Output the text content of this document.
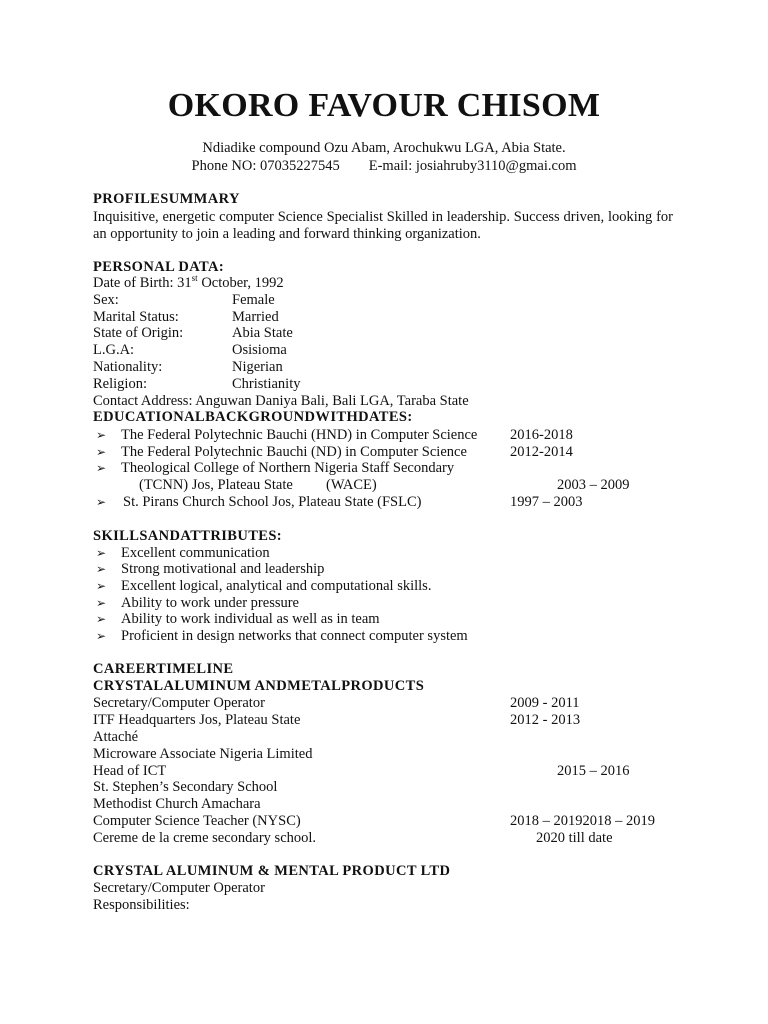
OKORO FAVOUR CHISOM
Ndiadike compound Ozu Abam, Arochukwu LGA, Abia State.
Phone NO: 07035227545 E-mail: josiahruby3110@gmai.com
PROFILESUMMARY
Inquisitive, energetic computer Science Specialist Skilled in leadership. Success driven, looking for an opportunity to join a leading and forward thinking organization.
PERSONAL DATA:
Date of Birth: 31st October, 1992
Sex:	Female
Marital Status:	Married
State of Origin:	Abia State
L.G.A:	Osisioma
Nationality:	Nigerian
Religion:	Christianity
Contact Address: Anguwan Daniya Bali, Bali LGA, Taraba State
EDUCATIONALBACKGROUNDWITHDATES:
➢ The Federal Polytechnic Bauchi (HND) in Computer Science 2016-2018
➢ The Federal Polytechnic Bauchi (ND) in Computer Science	2012-2014
➢ Theological College of Northern Nigeria Staff Secondary
(TCNN) Jos, Plateau State (WACE)	2003 – 2009
➢ St. Pirans Church School Jos, Plateau State (FSLC)	1997 – 2003
SKILLSANDATTRIBUTES:
➢ Excellent communication
➢ Strong motivational and leadership
➢ Excellent logical, analytical and computational skills.
➢ Ability to work under pressure
➢ Ability to work individual as well as in team
➢ Proficient in design networks that connect computer system
CAREERTIMELINE
CRYSTALALUMINUM ANDMETALPRODUCTS
Secretary/Computer Operator	2009 - 2011
ITF Headquarters Jos, Plateau State	2012 - 2013
Attaché
Microware Associate Nigeria Limited
Head of ICT	2015 – 2016
St. Stephen’s Secondary School
Methodist Church Amachara
Computer Science Teacher (NYSC)	2018 – 20192018 – 2019
Cereme de la creme secondary school.	2020 till date
CRYSTAL ALUMINUM & MENTAL PRODUCT LTD
Secretary/Computer Operator
Responsibilities:
